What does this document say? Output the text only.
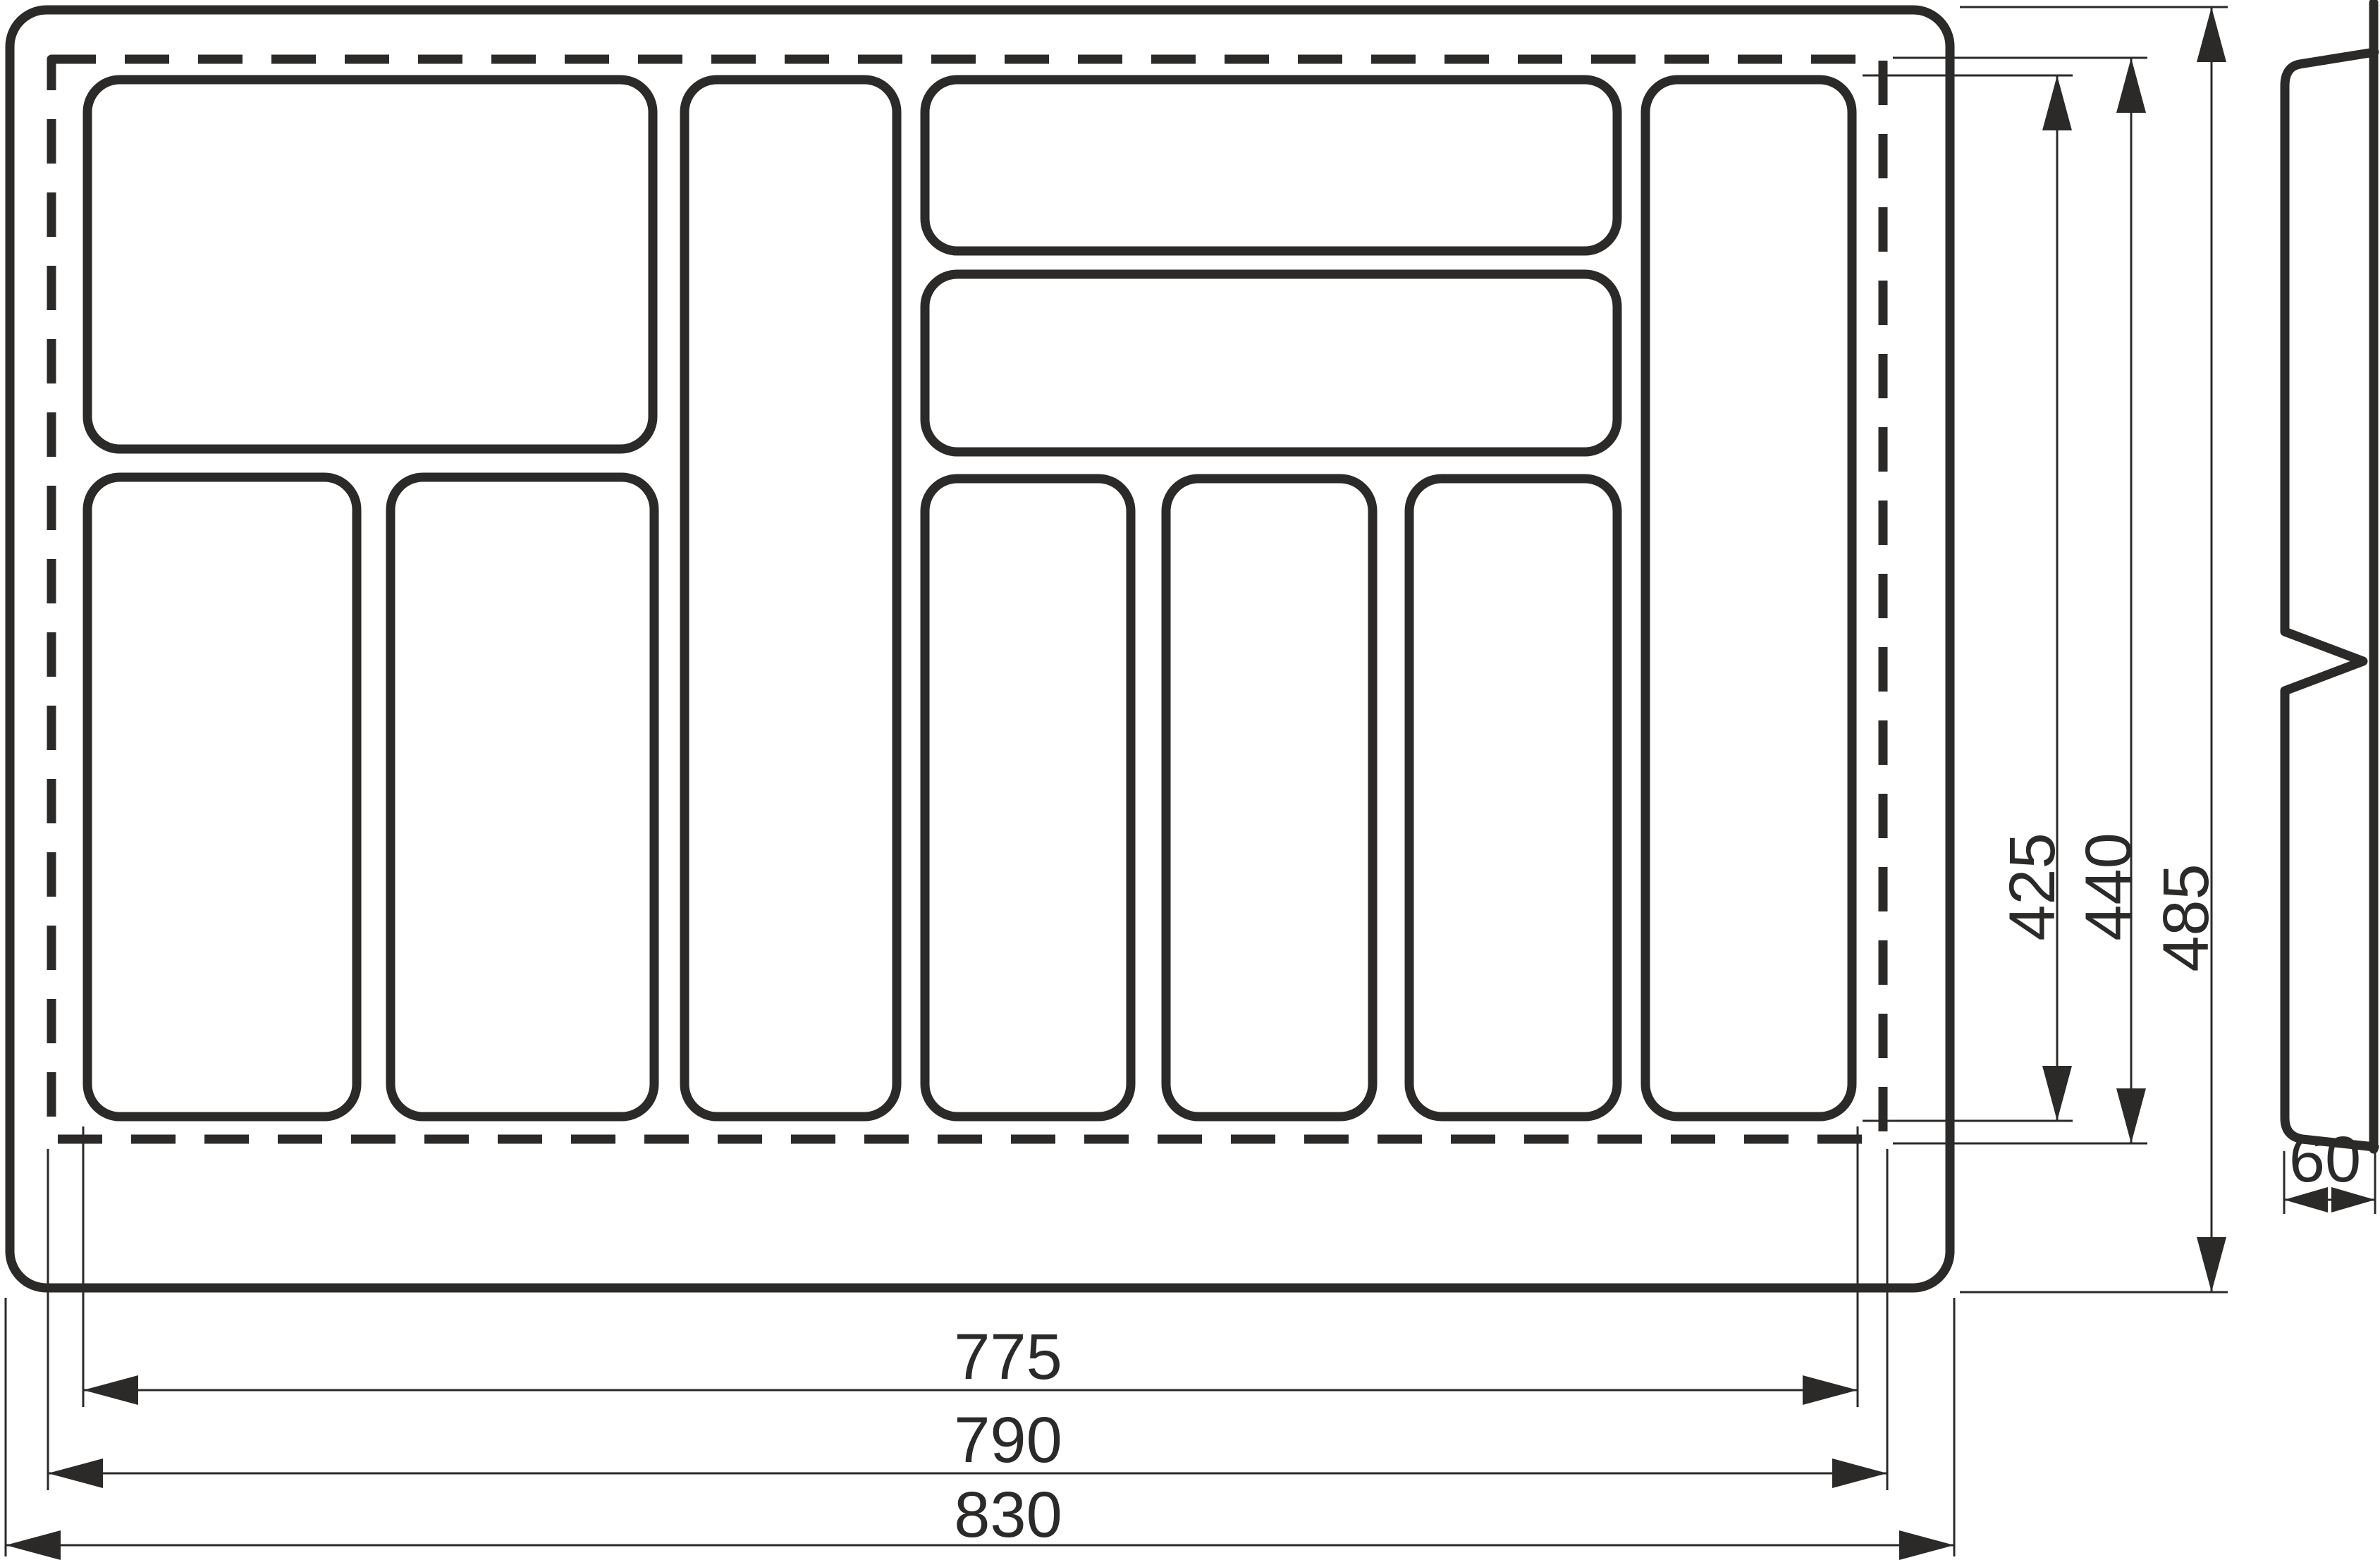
775
790
830
425 440 485
60
